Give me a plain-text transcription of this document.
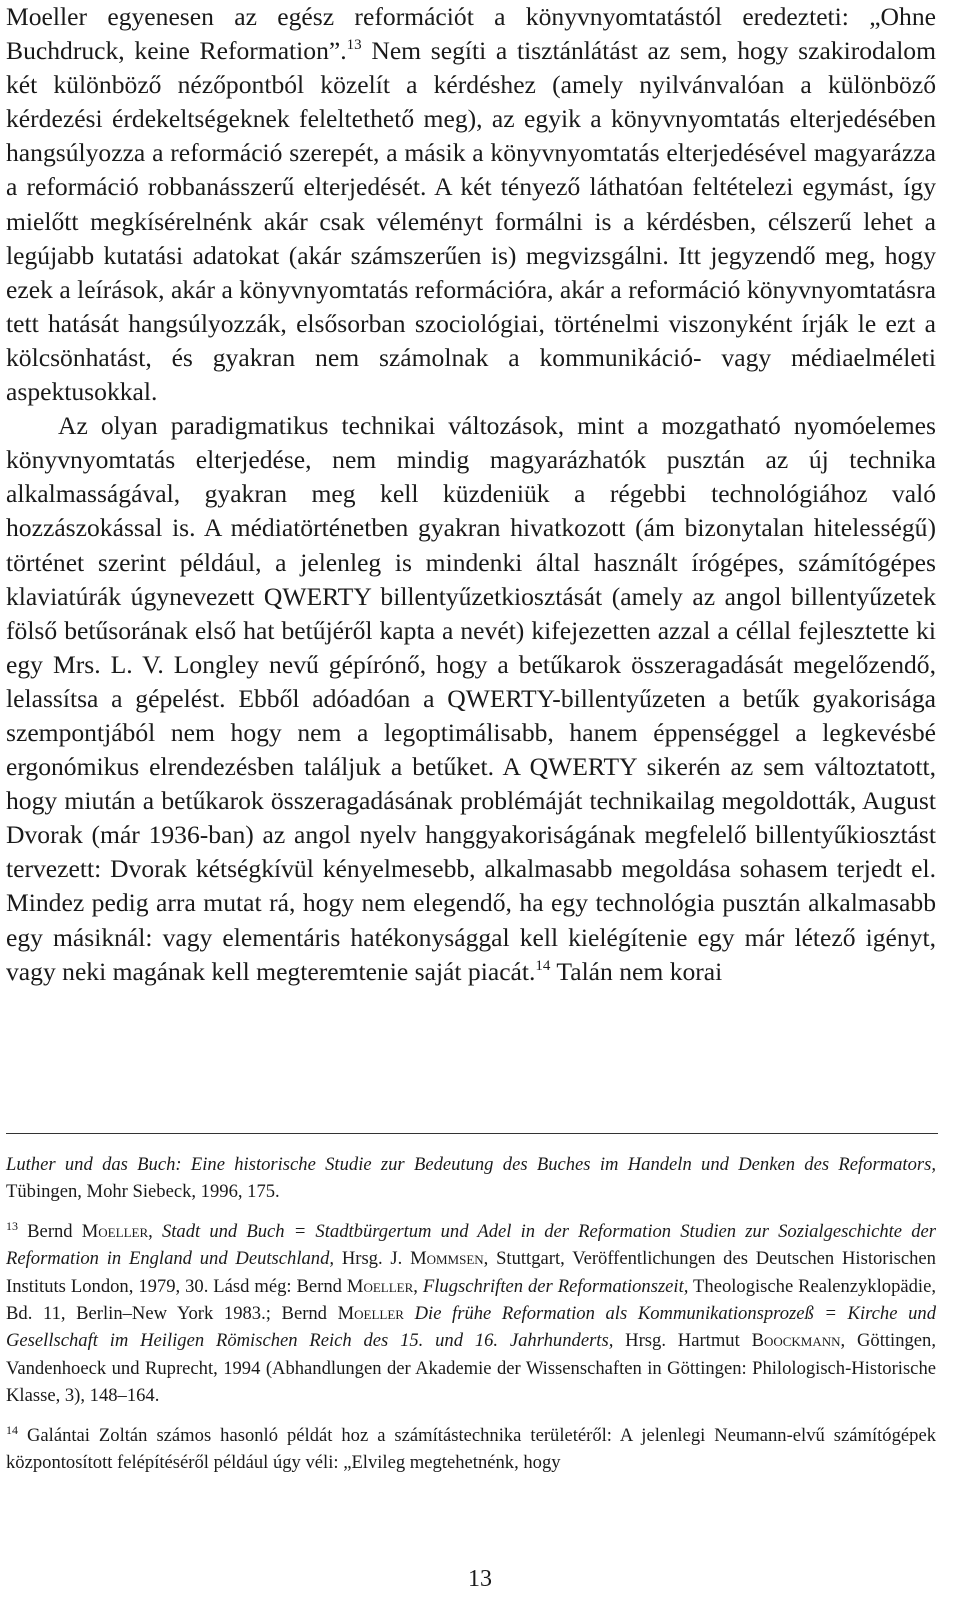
Moeller egyenesen az egész reformációt a könyvnyomtatástól eredezteti: „Ohne Buchdruck, keine Reformation”.$^{13}$ Nem segíti a tisztánlátást az sem, hogy szakirodalom két különböző nézőpontból közelít a kérdéshez (amely nyilvánvalóan a különböző kérdezési érdekeltségeknek feleltethető meg), az egyik a könyvnyomtatás elterjedésében hangsúlyozza a reformáció szerepét, a másik a könyvnyomtatás elterjedésével magyarázza a reformáció robbanásszerű elterjedését. A két tényező láthatóan feltételezi egymást, így mielőtt megkísérelnénk akár csak véleményt formálni is a kérdésben, célszerű lehet a legújabb kutatási adatokat (akár számszerűen is) megvizsgálni. Itt jegyzendő meg, hogy ezek a leírások, akár a könyvnyomtatás reformációra, akár a reformáció könyvnyomtatásra tett hatását hangsúlyozzák, elsősorban szociológiai, történelmi viszonyként írják le ezt a kölcsönhatást, és gyakran nem számolnak a kommunikáció- vagy médiaelméleti aspektusokkal.

Az olyan paradigmatikus technikai változások, mint a mozgatható nyomóelemes könyvnyomtatás elterjedése, nem mindig magyarázhatók pusztán az új technika alkalmasságával, gyakran meg kell küzdeniük a régebbi technológiához való hozzászokással is. A médiatörténetben gyakran hivatkozott (ám bizonytalan hitelességű) történet szerint például, a jelenleg is mindenki által használt írógépes, számítógépes klaviatúrák úgynevezett QWERTY billentyűzetkiosztását (amely az angol billentyűzetek fölső betűsorának első hat betűjéről kapta a nevét) kifejezetten azzal a céllal fejlesztette ki egy Mrs. L. V. Longley nevű gépírónő, hogy a betűkarok összeragadását megelőzendő, lelassítsa a gépelést. Ebből adóadóan a QWERTY-billentyűzeten a betűk gyakorisága szempontjából nem hogy nem a legoptimálisabb, hanem éppenséggel a legkevésbé ergonómikus elrendezésben találjuk a betűket. A QWERTY sikerén az sem változtatott, hogy miután a betűkarok összeragadásának problémáját technikailag megoldották, August Dvorak (már 1936-ban) az angol nyelv hanggyakoriságának megfelelő billentyűkiosztást tervezett: Dvorak kétségkívül kényelmesebb, alkalmasabb megoldása sohasem terjedt el. Mindez pedig arra mutat rá, hogy nem elegendő, ha egy technológia pusztán alkalmasabb egy másiknál: vagy elementáris hatékonysággal kell kielégítenie egy már létező igényt, vagy neki magának kell megteremtenie saját piacát.$^{14}$ Talán nem korai

Luther und das Buch: Eine historische Studie zur Bedeutung des Buches im Handeln und Denken des Reformators, Tübingen, Mohr Siebeck, 1996, 175.

$^{13}$ Bernd Moeller, Stadt und Buch = Stadtbürgertum und Adel in der Reformation Studien zur Sozialgeschichte der Reformation in England und Deutschland, Hrsg. J. Mommsen, Stuttgart, Veröffentlichungen des Deutschen Historischen Instituts London, 1979, 30. Lásd még: Bernd Moeller, Flugschriften der Reformationszeit, Theologische Realenzyklopädie, Bd. 11, Berlin–New York 1983.; Bernd Moeller Die frühe Reformation als Kommunikationsprozeß = Kirche und Gesellschaft im Heiligen Römischen Reich des 15. und 16. Jahrhunderts, Hrsg. Hartmut Boockmann, Göttingen, Vandenhoeck und Ruprecht, 1994 (Abhandlungen der Akademie der Wissenschaften in Göttingen: Philologisch-Historische Klasse, 3), 148–164.

$^{14}$ Galántai Zoltán számos hasonló példát hoz a számítástechnika területéről: A jelenlegi Neumann-elvű számítógépek központosított felépítéséről például úgy véli: „Elvileg megtehetnénk, hogy

13
